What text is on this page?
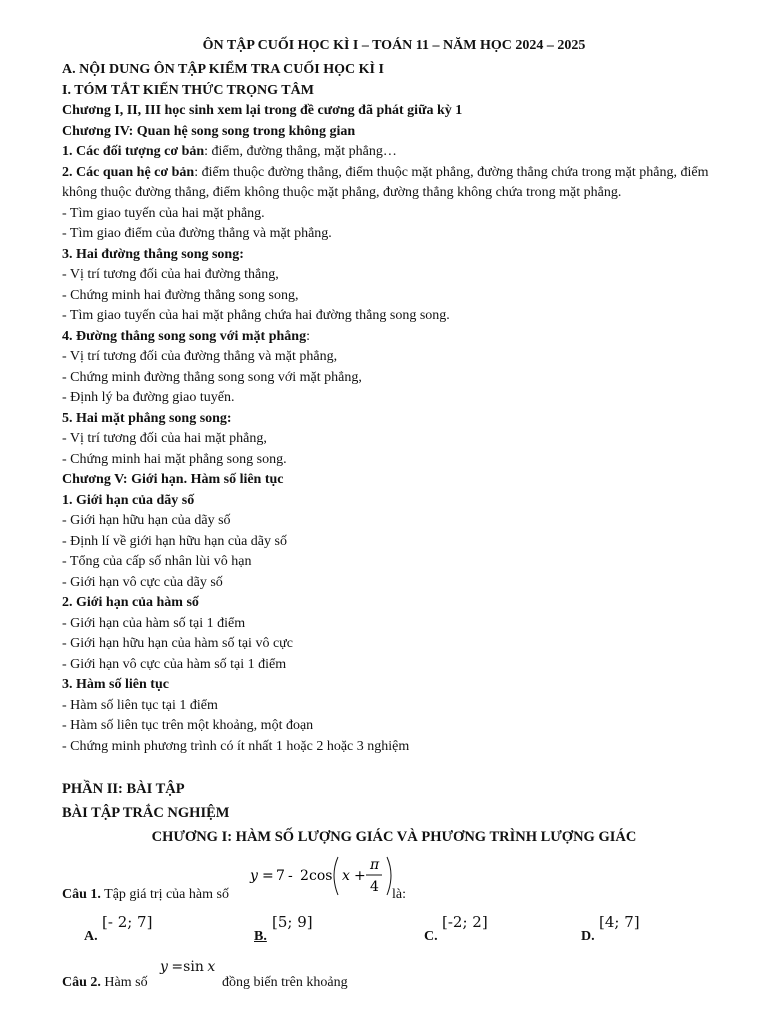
ÔN TẬP CUỐI HỌC KÌ I – TOÁN 11 – NĂM HỌC 2024 – 2025
A. NỘI DUNG ÔN TẬP KIỂM TRA CUỐI HỌC KÌ I
I. TÓM TẮT KIẾN THỨC TRỌNG TÂM
Chương I, II, III học sinh xem lại trong đề cương đã phát giữa kỳ 1
Chương IV: Quan hệ song song trong không gian
1. Các đối tượng cơ bản: điểm, đường thẳng, mặt phẳng…
2. Các quan hệ cơ bản: điểm thuộc đường thẳng, điểm thuộc mặt phẳng, đường thẳng chứa trong mặt phẳng, điểm không thuộc đường thẳng, điểm không thuộc mặt phẳng, đường thẳng không chứa trong mặt phẳng.
- Tìm giao tuyến của hai mặt phẳng.
- Tìm giao điểm của đường thẳng và mặt phẳng.
3. Hai đường thẳng song song:
- Vị trí tương đối của hai đường thẳng,
- Chứng minh hai đường thẳng song song,
- Tìm giao tuyến của hai mặt phẳng chứa hai đường thẳng song song.
4. Đường thẳng song song với mặt phẳng:
- Vị trí tương đối của đường thẳng và mặt phẳng,
- Chứng minh đường thẳng song song với mặt phẳng,
- Định lý ba đường giao tuyến.
5. Hai mặt phẳng song song:
- Vị trí tương đối của hai mặt phẳng,
- Chứng minh hai mặt phẳng song song.
Chương V: Giới hạn. Hàm số liên tục
1. Giới hạn của dãy số
- Giới hạn hữu hạn của dãy số
- Định lí về giới hạn hữu hạn của dãy số
- Tổng của cấp số nhân lùi vô hạn
- Giới hạn vô cực của dãy số
2. Giới hạn của hàm số
- Giới hạn của hàm số tại 1 điểm
- Giới hạn hữu hạn của hàm số tại vô cực
- Giới hạn vô cực của hàm số tại 1 điểm
3. Hàm số liên tục
- Hàm số liên tục tại 1 điểm
- Hàm số liên tục trên một khoảng, một đoạn
- Chứng minh phương trình có ít nhất 1 hoặc 2 hoặc 3 nghiệm
PHẦN II: BÀI TẬP
BÀI TẬP TRẮC NGHIỆM
CHƯƠNG I: HÀM SỐ LƯỢNG GIÁC VÀ PHƯƠNG TRÌNH LƯỢNG GIÁC
y = 7 - 2 cos x +
π
4
Câu 1. Tập giá trị của hàm số	là:
A.
[- 2; 7]
B.
[5; 9]
C.
[-2; 2]
D.
[4; 7]
Câu 2. Hàm số
y =sin x
đồng biến trên khoảng
